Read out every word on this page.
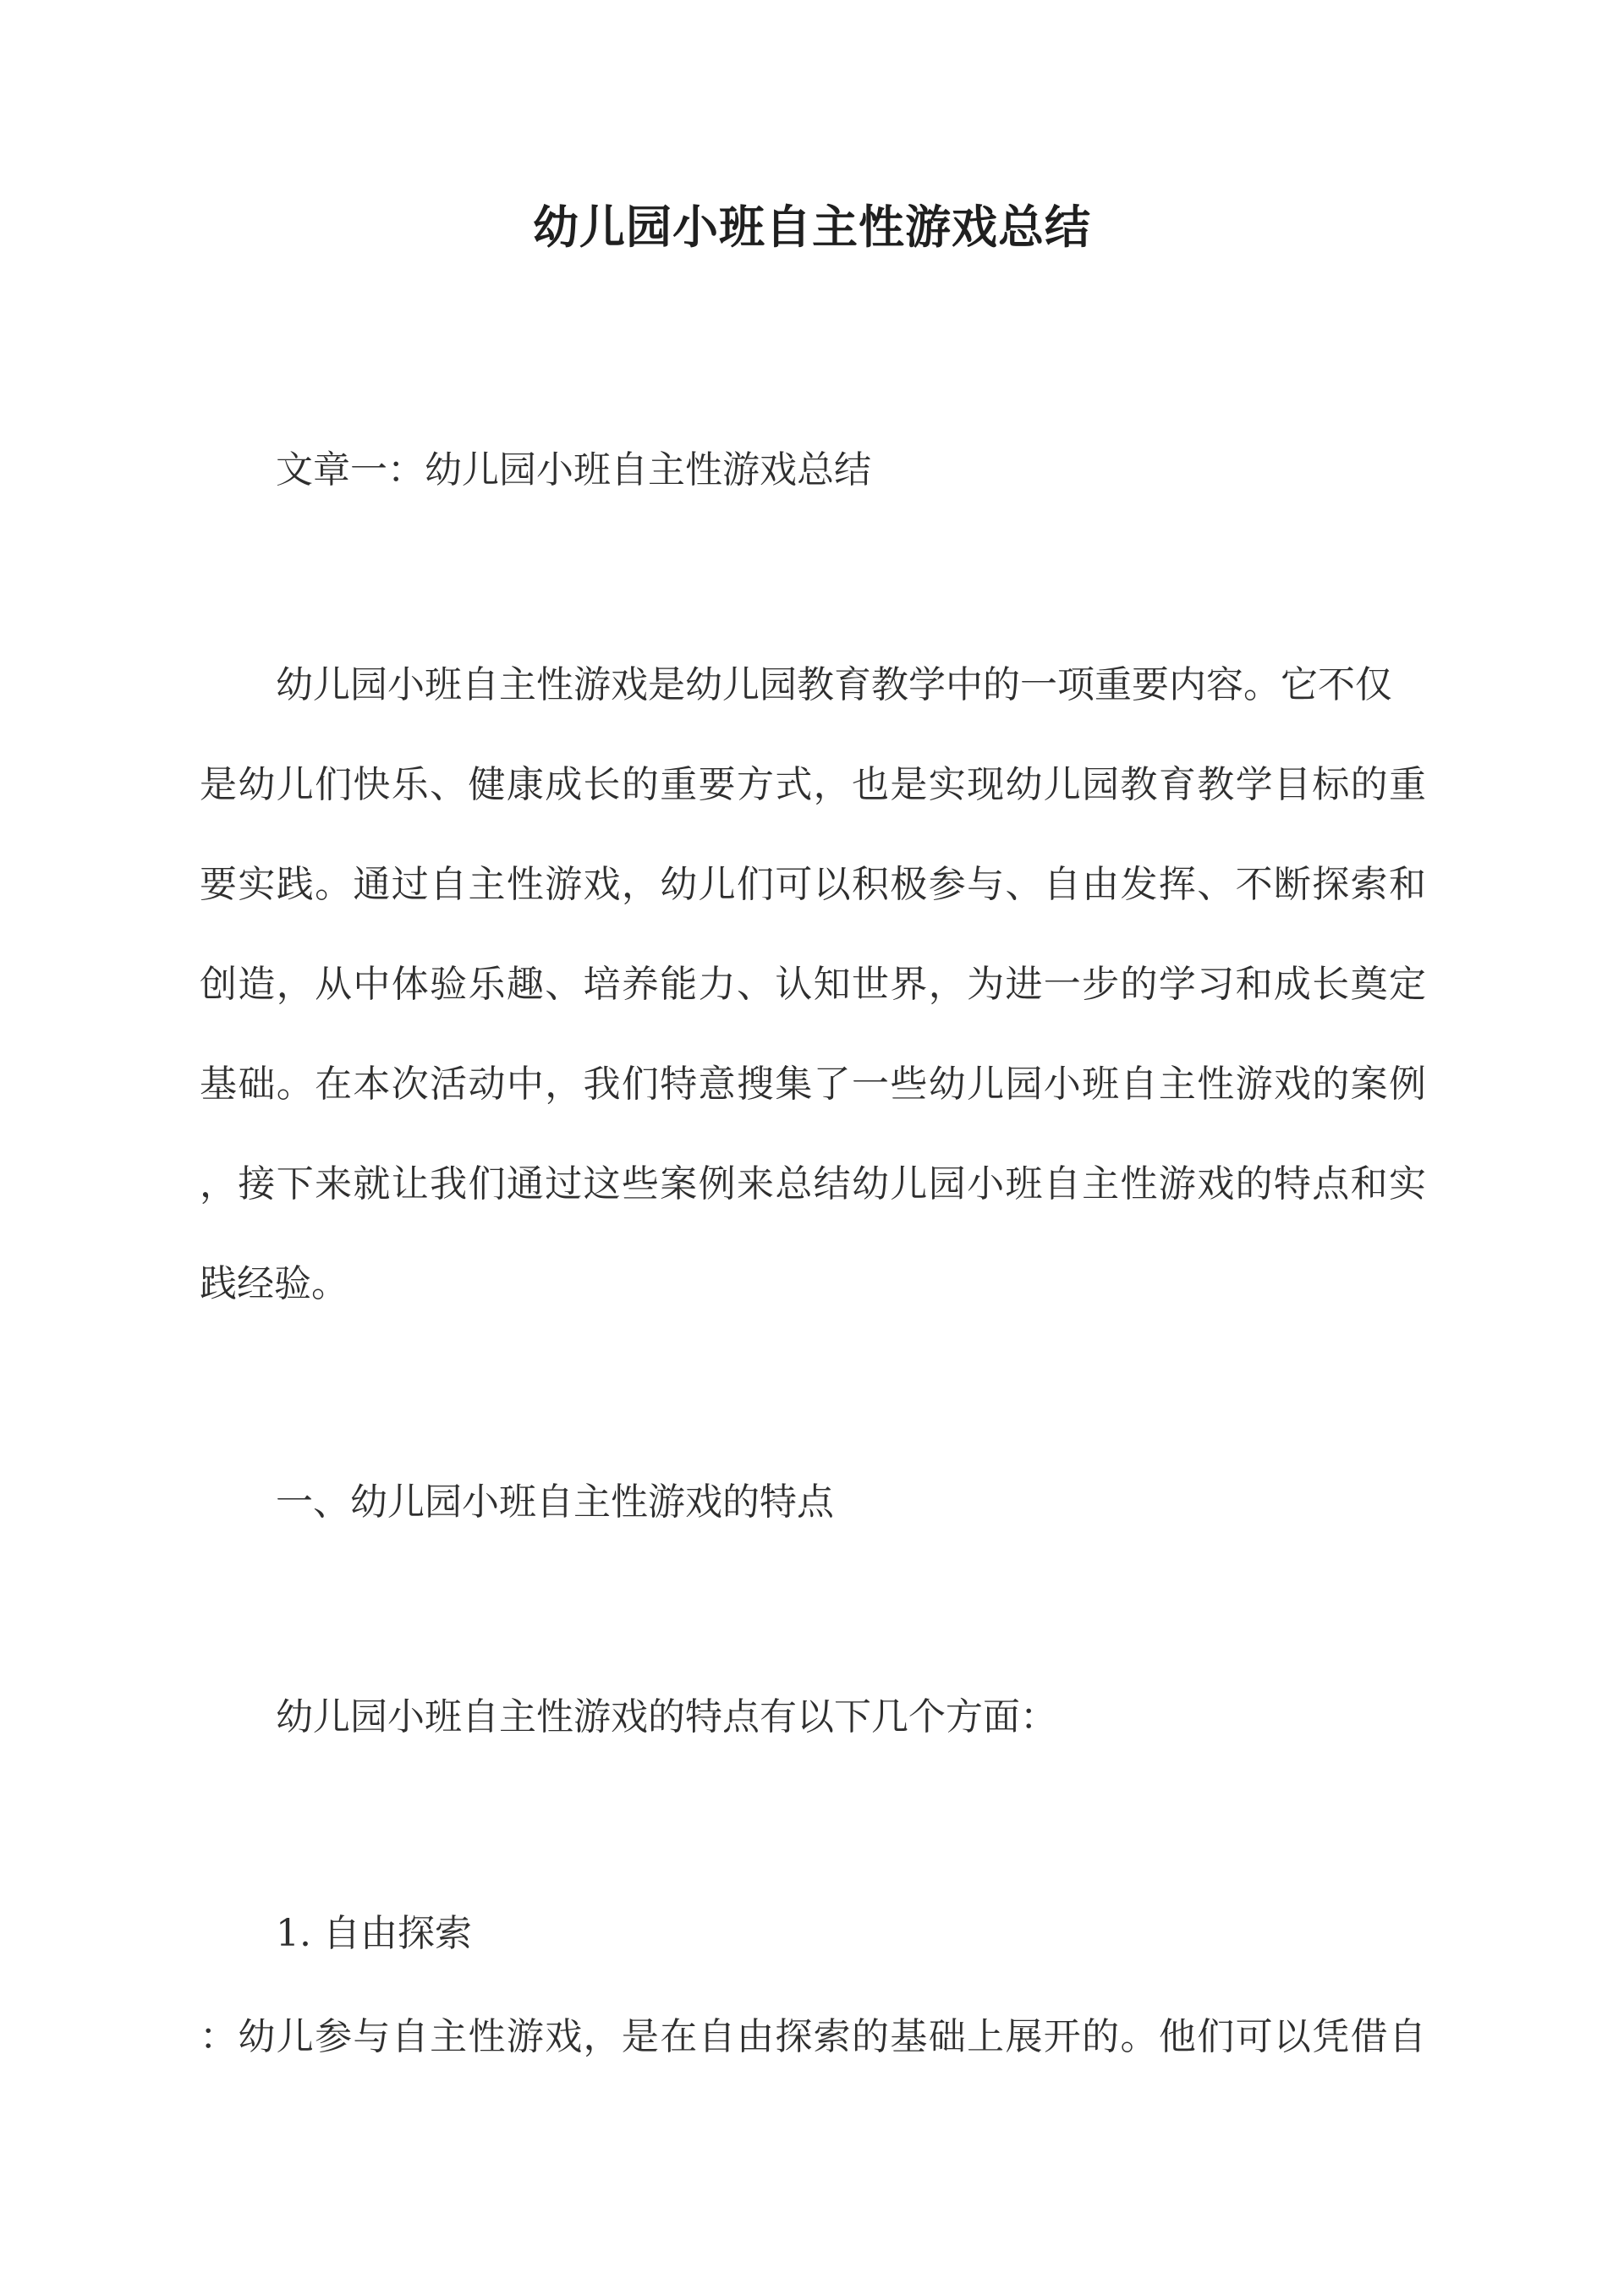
幼儿园小班自主性游戏总结
文章一：幼儿园小班自主性游戏总结
幼儿园小班自主性游戏是幼儿园教育教学中的一项重要内容。它不仅
是幼儿们快乐、健康成长的重要方式，也是实现幼儿园教育教学目标的重
要实践。通过自主性游戏，幼儿们可以积极参与、自由发挥、不断探索和
创造，从中体验乐趣、培养能力、认知世界，为进一步的学习和成长奠定
基础。在本次活动中，我们特意搜集了一些幼儿园小班自主性游戏的案例
，接下来就让我们通过这些案例来总结幼儿园小班自主性游戏的特点和实
践经验。
一、幼儿园小班自主性游戏的特点
幼儿园小班自主性游戏的特点有以下几个方面：
1. 自由探索
：幼儿参与自主性游戏，是在自由探索的基础上展开的。他们可以凭借自
